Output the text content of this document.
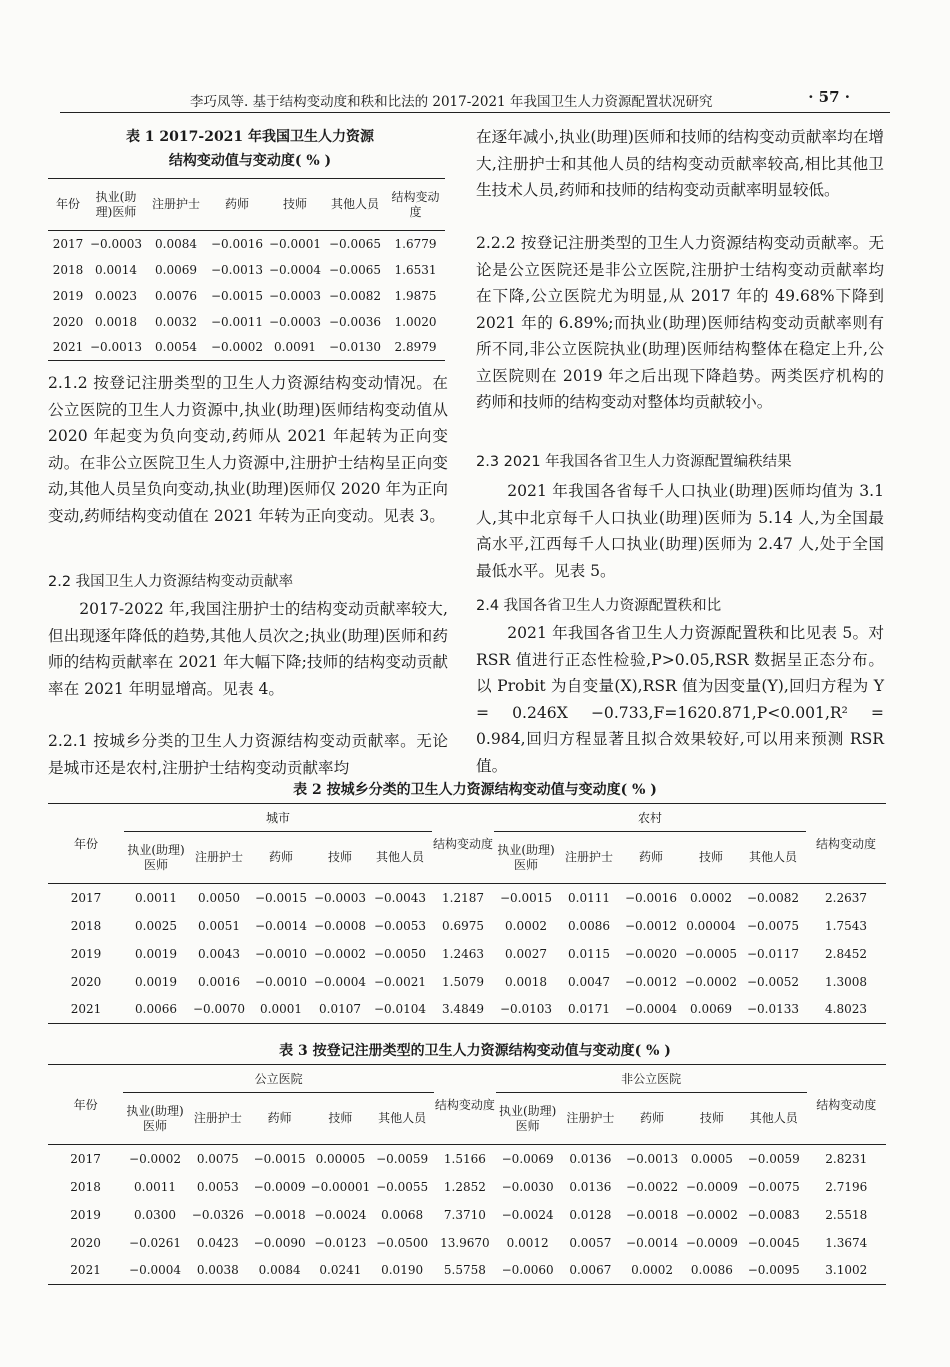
李巧凤等. 基于结构变动度和秩和比法的 2017-2021 年我国卫生人力资源配置状况研究	· 57 ·
表 1 2017-2021 年我国卫生人力资源
结构变动值与变动度( % )
年份	执业(助理)医师	注册护士	药师	技师	其他人员	结构变动度
2017	−0.0003	0.0084	−0.0016	−0.0001	−0.0065	1.6779
2018	0.0014	0.0069	−0.0013	−0.0004	−0.0065	1.6531
2019	0.0023	0.0076	−0.0015	−0.0003	−0.0082	1.9875
2020	0.0018	0.0032	−0.0011	−0.0003	−0.0036	1.0020
2021	−0.0013	0.0054	−0.0002	0.0091	−0.0130	2.8979
2.1.2 按登记注册类型的卫生人力资源结构变动情况。在公立医院的卫生人力资源中,执业(助理)医师结构变动值从 2020 年起变为负向变动,药师从 2021 年起转为正向变动。在非公立医院卫生人力资源中,注册护士结构呈正向变动,其他人员呈负向变动,执业(助理)医师仅 2020 年为正向变动,药师结构变动值在 2021 年转为正向变动。见表 3。
2.2 我国卫生人力资源结构变动贡献率
2017-2022 年,我国注册护士的结构变动贡献率较大,但出现逐年降低的趋势,其他人员次之;执业(助理)医师和药师的结构贡献率在 2021 年大幅下降;技师的结构变动贡献率在 2021 年明显增高。见表 4。
2.2.1 按城乡分类的卫生人力资源结构变动贡献率。无论是城市还是农村,注册护士结构变动贡献率均
在逐年减小,执业(助理)医师和技师的结构变动贡献率均在增大,注册护士和其他人员的结构变动贡献率较高,相比其他卫生技术人员,药师和技师的结构变动贡献率明显较低。
2.2.2 按登记注册类型的卫生人力资源结构变动贡献率。无论是公立医院还是非公立医院,注册护士结构变动贡献率均在下降,公立医院尤为明显,从 2017 年的 49.68%下降到 2021 年的 6.89%;而执业(助理)医师结构变动贡献率则有所不同,非公立医院执业(助理)医师结构整体在稳定上升,公立医院则在 2019 年之后出现下降趋势。两类医疗机构的药师和技师的结构变动对整体均贡献较小。
2.3 2021 年我国各省卫生人力资源配置编秩结果
2021 年我国各省每千人口执业(助理)医师均值为 3.1 人,其中北京每千人口执业(助理)医师为 5.14 人,为全国最高水平,江西每千人口执业(助理)医师为 2.47 人,处于全国最低水平。见表 5。
2.4 我国各省卫生人力资源配置秩和比
2021 年我国各省卫生人力资源配置秩和比见表 5。对 RSR 值进行正态性检验,P>0.05,RSR 数据呈正态分布。以 Probit 为自变量(X),RSR 值为因变量(Y),回归方程为 Y = 0.246X −0.733,F=1620.871,P<0.001,R² = 0.984,回归方程显著且拟合效果较好,可以用来预测 RSR 值。
表 2 按城乡分类的卫生人力资源结构变动值与变动度( % )
年份	城市					结构变动度	农村					结构变动度
	执业(助理)医师	注册护士	药师	技师	其他人员		执业(助理)医师	注册护士	药师	技师	其他人员	
2017	0.0011	0.0050	−0.0015	−0.0003	−0.0043	1.2187	−0.0015	0.0111	−0.0016	0.0002	−0.0082	2.2637
2018	0.0025	0.0051	−0.0014	−0.0008	−0.0053	0.6975	0.0002	0.0086	−0.0012	0.00004	−0.0075	1.7543
2019	0.0019	0.0043	−0.0010	−0.0002	−0.0050	1.2463	0.0027	0.0115	−0.0020	−0.0005	−0.0117	2.8452
2020	0.0019	0.0016	−0.0010	−0.0004	−0.0021	1.5079	0.0018	0.0047	−0.0012	−0.0002	−0.0052	1.3008
2021	0.0066	−0.0070	0.0001	0.0107	−0.0104	3.4849	−0.0103	0.0171	−0.0004	0.0069	−0.0133	4.8023
表 3 按登记注册类型的卫生人力资源结构变动值与变动度( % )
年份	公立医院					结构变动度	非公立医院					结构变动度
	执业(助理)医师	注册护士	药师	技师	其他人员		执业(助理)医师	注册护士	药师	技师	其他人员	
2017	−0.0002	0.0075	−0.0015	0.00005	−0.0059	1.5166	−0.0069	0.0136	−0.0013	0.0005	−0.0059	2.8231
2018	0.0011	0.0053	−0.0009	−0.00001	−0.0055	1.2852	−0.0030	0.0136	−0.0022	−0.0009	−0.0075	2.7196
2019	0.0300	−0.0326	−0.0018	−0.0024	0.0068	7.3710	−0.0024	0.0128	−0.0018	−0.0002	−0.0083	2.5518
2020	−0.0261	0.0423	−0.0090	−0.0123	−0.0500	13.9670	0.0012	0.0057	−0.0014	−0.0009	−0.0045	1.3674
2021	−0.0004	0.0038	0.0084	0.0241	0.0190	5.5758	−0.0060	0.0067	0.0002	0.0086	−0.0095	3.1002
